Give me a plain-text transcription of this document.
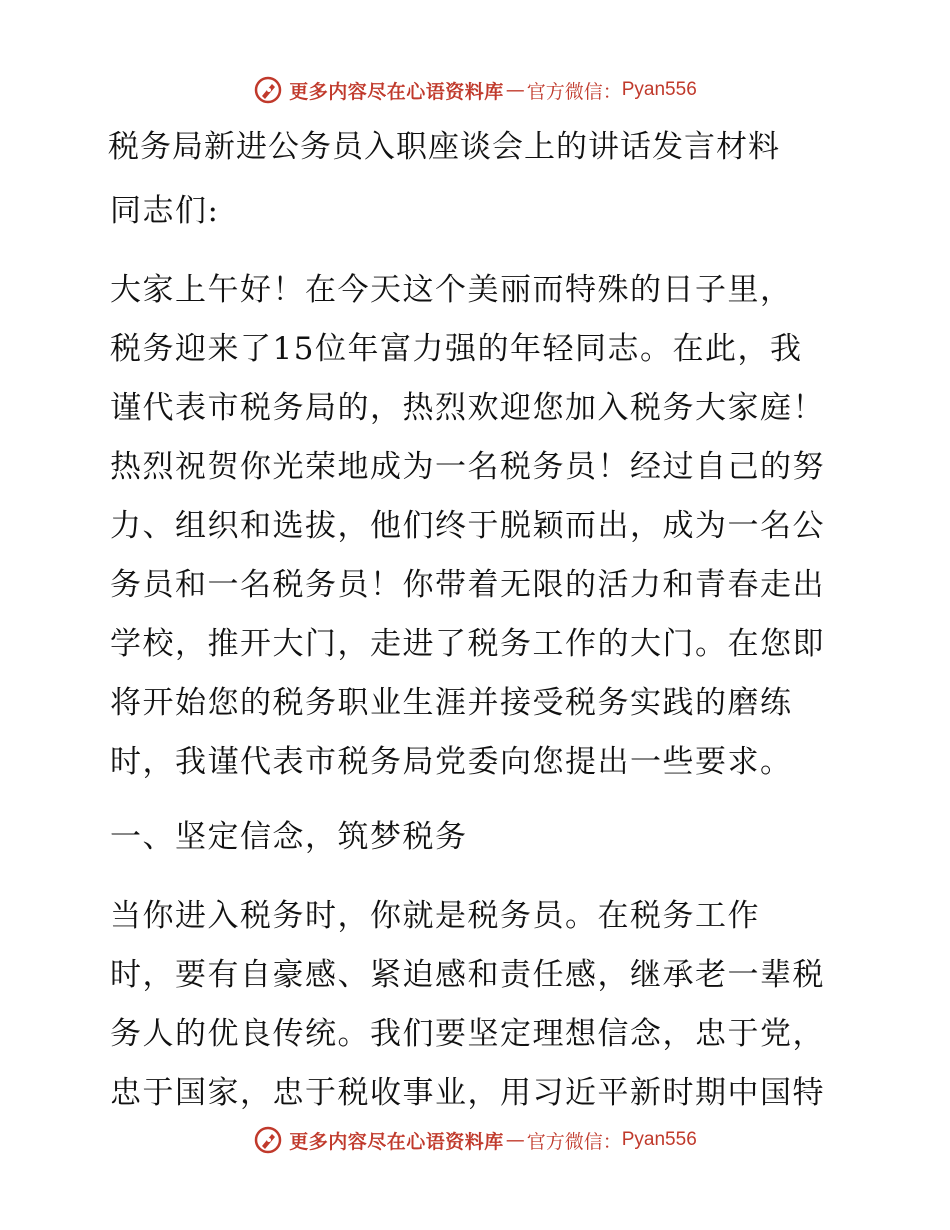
更多内容尽在心语资料库 — 官方微信： Pyan556
税务局新进公务员入职座谈会上的讲话发言材料

同志们:

大家上午好！在今天这个美丽而特殊的日子里，
税务迎来了15位年富力强的年轻同志。在此，我
谨代表市税务局的，热烈欢迎您加入税务大家庭！
热烈祝贺你光荣地成为一名税务员！经过自己的努
力、组织和选拔，他们终于脱颖而出，成为一名公
务员和一名税务员！你带着无限的活力和青春走出
学校，推开大门，走进了税务工作的大门。在您即
将开始您的税务职业生涯并接受税务实践的磨练
时，我谨代表市税务局党委向您提出一些要求。

一、坚定信念，筑梦税务

当你进入税务时，你就是税务员。在税务工作
时，要有自豪感、紧迫感和责任感，继承老一辈税
务人的优良传统。我们要坚定理想信念，忠于党，
忠于国家，忠于税收事业，用习近平新时期中国特

更多内容尽在心语资料库 — 官方微信： Pyan556
